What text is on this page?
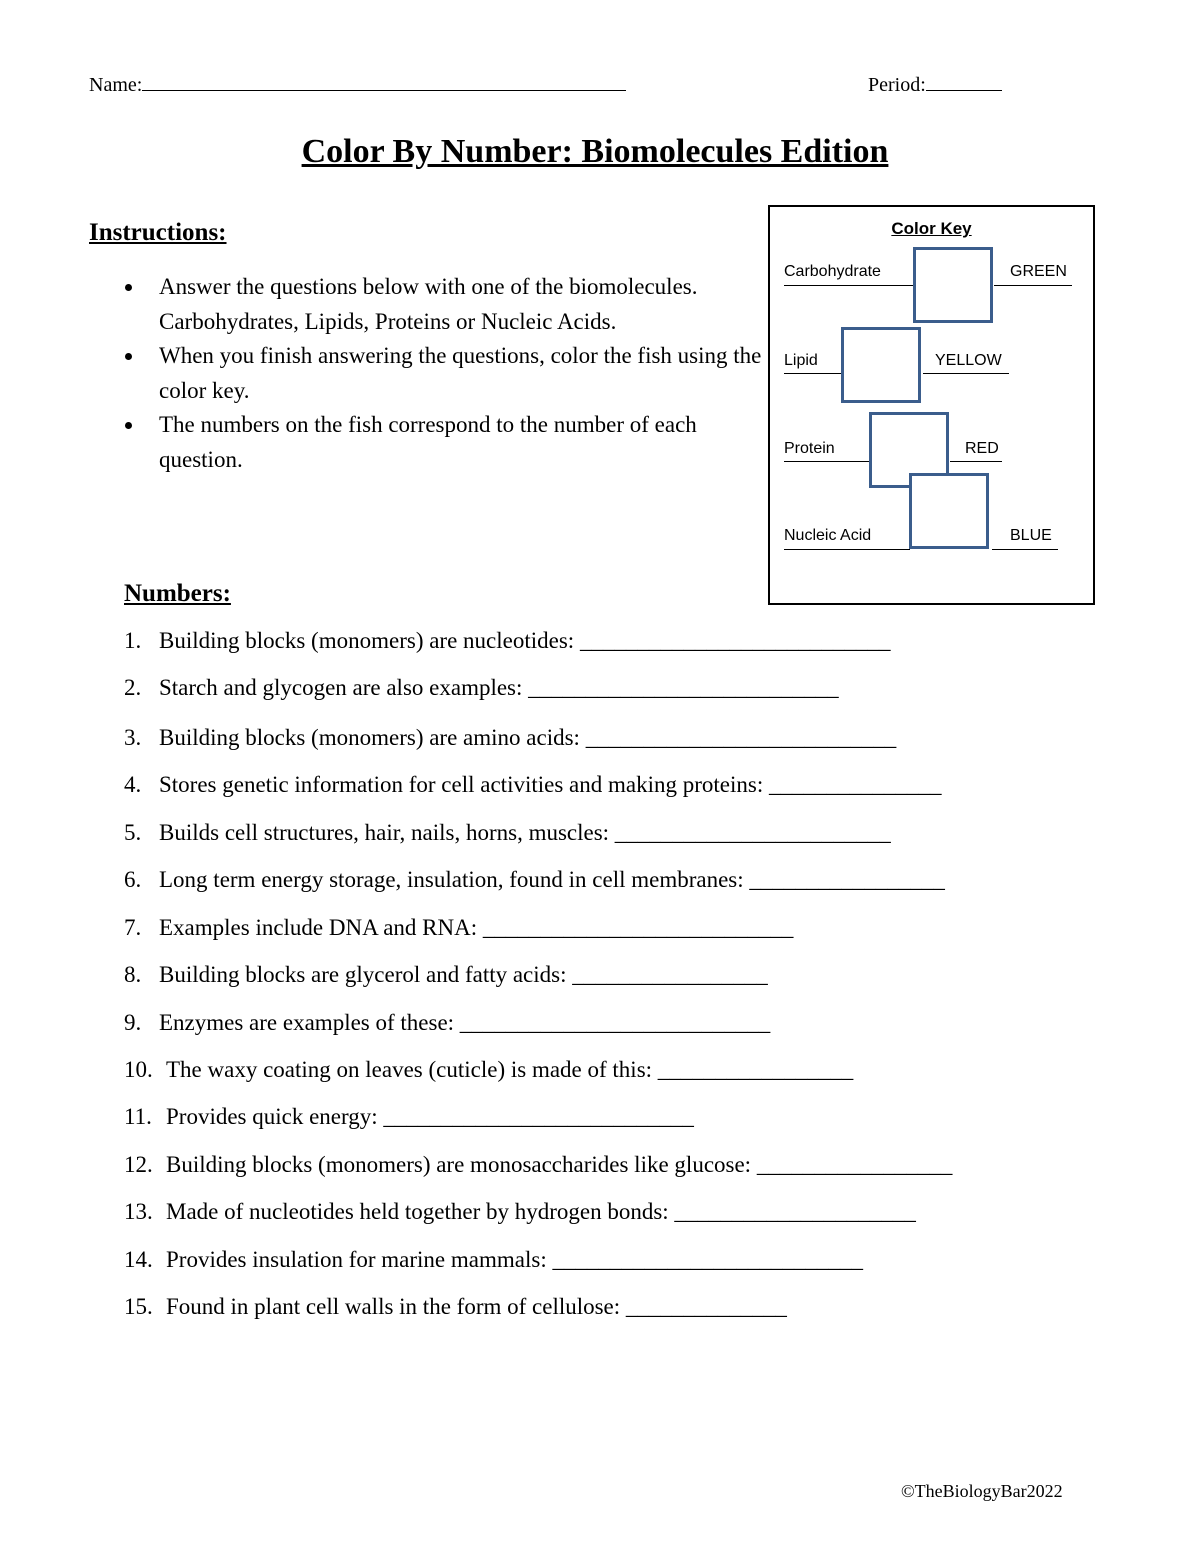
Name:	Period:
Color By Number: Biomolecules Edition
Instructions:
Answer the questions below with one of the biomolecules. Carbohydrates, Lipids, Proteins or Nucleic Acids.
When you finish answering the questions, color the fish using the color key.
The numbers on the fish correspond to the number of each question.
Color Key
Carbohydrate	GREEN
Lipid	YELLOW
Protein	RED
Nucleic Acid	BLUE
Numbers:
1. Building blocks (monomers) are nucleotides: ___________________________
2. Starch and glycogen are also examples: ___________________________
3. Building blocks (monomers) are amino acids: ___________________________
4. Stores genetic information for cell activities and making proteins: _______________
5. Builds cell structures, hair, nails, horns, muscles: ________________________
6. Long term energy storage, insulation, found in cell membranes: _________________
7. Examples include DNA and RNA: ___________________________
8. Building blocks are glycerol and fatty acids: _________________
9. Enzymes are examples of these: ___________________________
10. The waxy coating on leaves (cuticle) is made of this: _________________
11. Provides quick energy: ___________________________
12. Building blocks (monomers) are monosaccharides like glucose: _________________
13. Made of nucleotides held together by hydrogen bonds: _____________________
14. Provides insulation for marine mammals: ___________________________
15. Found in plant cell walls in the form of cellulose: ______________
©TheBiologyBar2022
